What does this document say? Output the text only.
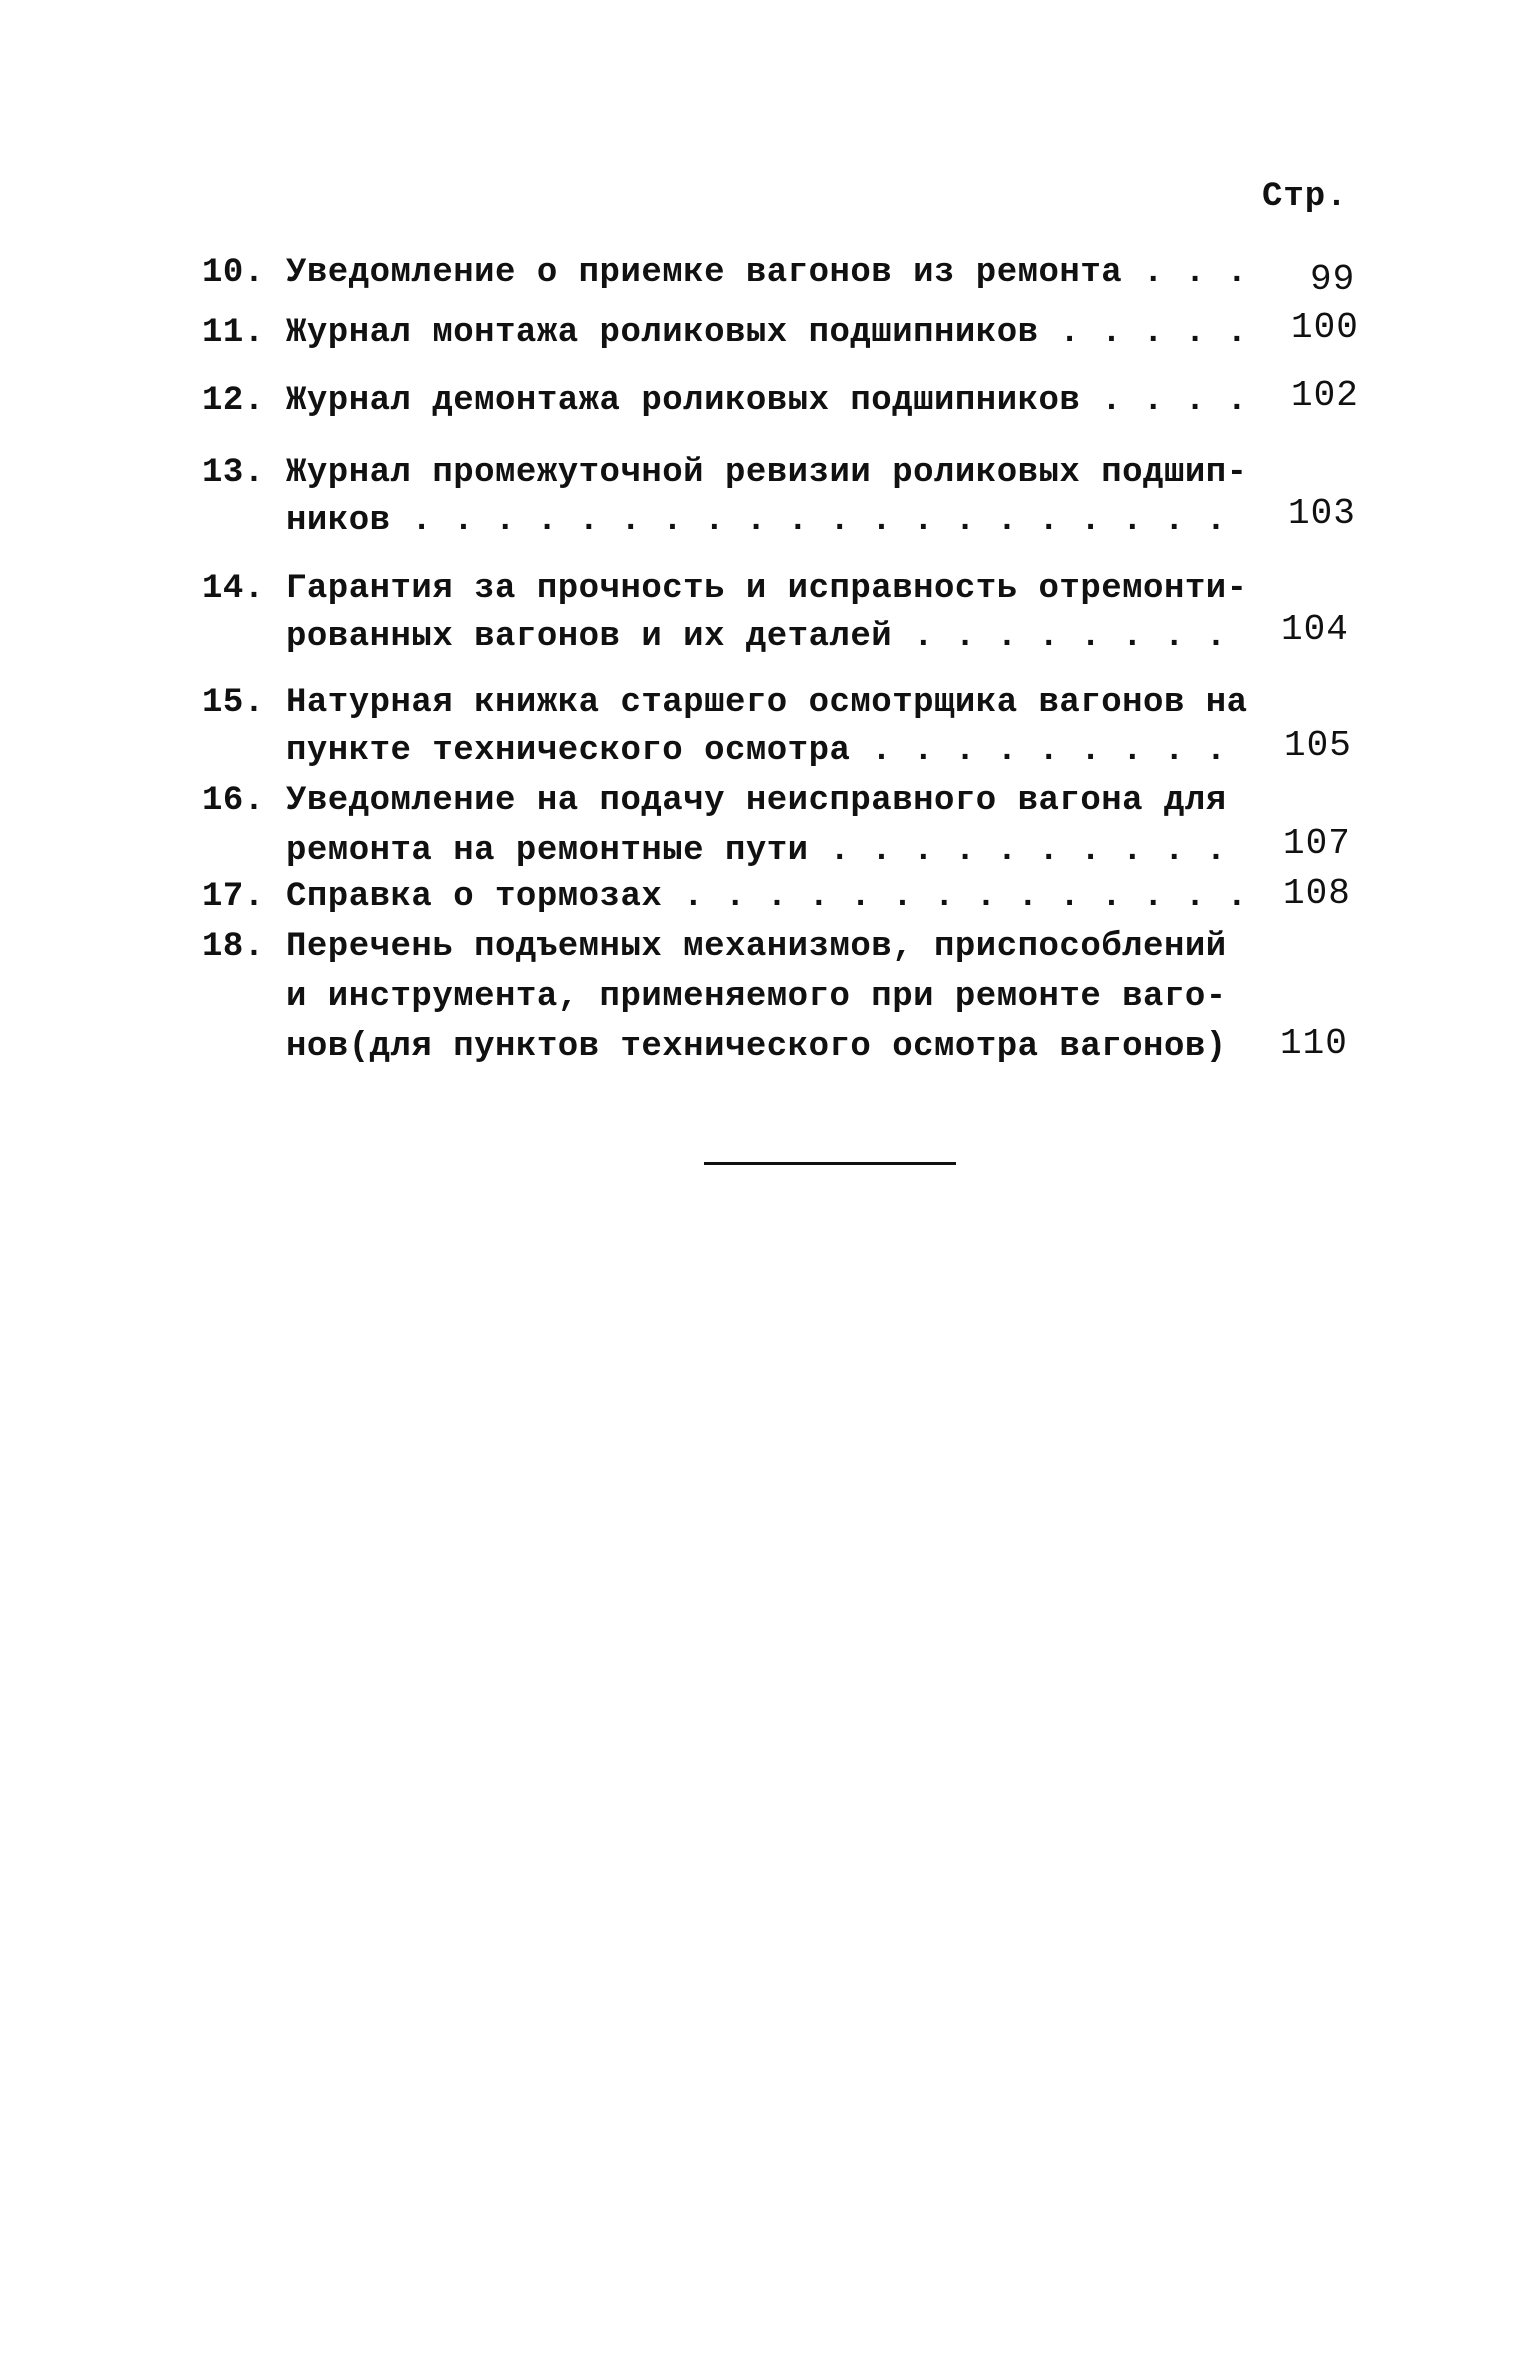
Стр.
10. Уведомление о приемке вагонов из ремонта . . . 99
11. Журнал монтажа роликовых подшипников . . . . . 100
12. Журнал демонтажа роликовых подшипников . . . . 102
13. Журнал промежуточной ревизии роликовых подшип-
ников . . . . . . . . . . . . . . . . . . . . 103
14. Гарантия за прочность и исправность отремонти-
рованных вагонов и их деталей . . . . . . . . 104
15. Натурная книжка старшего осмотрщика вагонов на
пункте технического осмотра . . . . . . . . . 105
16. Уведомление на подачу неисправного вагона для
ремонта на ремонтные пути . . . . . . . . . . 107
17. Справка о тормозах . . . . . . . . . . . . . . 108
18. Перечень подъемных механизмов, приспособлений
и инструмента, применяемого при ремонте ваго-
нов(для пунктов технического осмотра вагонов) 110
